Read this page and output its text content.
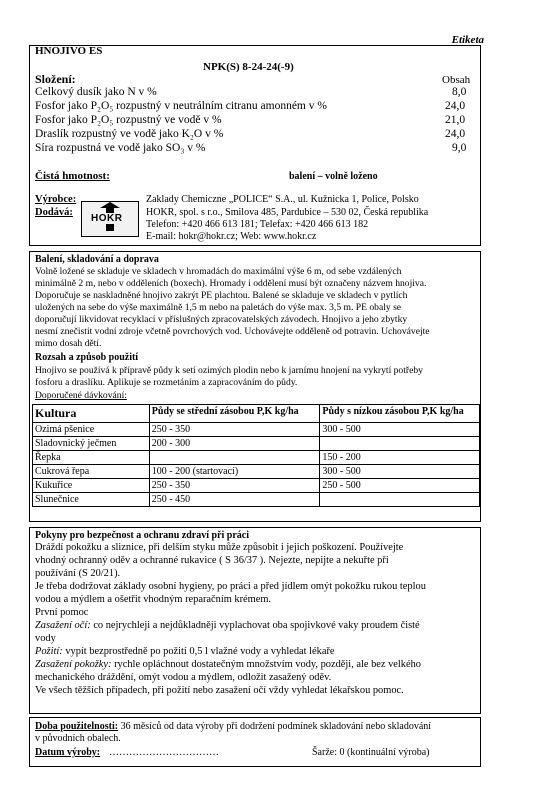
Etiketa
HNOJIVO ES
NPK(S) 8-24-24(-9)
Složení:	Obsah
Celkový dusík jako N v %	8,0
Fosfor jako P₂O₅ rozpustný v neutrálním citranu amonném v %	24,0
Fosfor jako P₂O₅ rozpustný ve vodě v %	21,0
Draslík rozpustný ve vodě jako K₂O v %	24,0
Síra rozpustná ve vodě jako SO₃ v %	9,0
Čistá hmotnost:	balení – volně loženo
Výrobce:	Zaklady Chemiczne „POLICE“ S.A., ul. Kužnicka 1, Police, Polsko
Dodává:
HOKR
HOKR, spol. s r.o., Smilova 485, Pardubice – 530 02, Česká republika
Telefon: +420 466 613 181; Telefax: +420 466 613 182
E-mail: hokr@hokr.cz; Web: www.hokr.cz
Balení, skladování a doprava
Volně ložené se skladuje ve skladech v hromadách do maximální výše 6 m, od sebe vzdálených
minimálně 2 m, nebo v odděleních (boxech). Hromady i oddělení musí být označeny názvem hnojiva.
Doporučuje se naskladněné hnojivo zakrýt PE plachtou. Balené se skladuje ve skladech v pytlích
uložených na sebe do výše maximálně 1,5 m nebo na paletách do výše max. 3,5 m. PE obaly se
doporučují likvidovat recyklací v příslušných zpracovatelských závodech. Hnojivo a jeho zbytky
nesmí znečistit vodní zdroje včetně povrchových vod. Uchovávejte odděleně od potravin. Uchovávejte
mimo dosah dětí.
Rozsah a způsob použití
Hnojivo se používá k přípravě půdy k setí ozimých plodin nebo k jarnímu hnojení na vykrytí potřeby
fosforu a draslíku. Aplikuje se rozmetáním a zapracováním do půdy.
Doporučené dávkování:
Kultura	Půdy se střední zásobou P,K kg/ha	Půdy s nízkou zásobou P,K kg/ha
Ozimá pšenice	250 - 350	300 - 500
Sladovnický ječmen	200 - 300	
Řepka		150 - 200
Cukrová řepa	100 - 200 (startovací)	300 - 500
Kukuřice	250 - 350	250 - 500
Slunečnice	250 - 450	
Pokyny pro bezpečnost a ochranu zdraví při práci
Dráždí pokožku a sliznice, při delším styku může způsobit i jejich poškození. Používejte
vhodný ochranný oděv a ochranné rukavice ( S 36/37 ). Nejezte, nepijte a nekuřte při
používání (S 20/21).
Je třeba dodržovat základy osobní hygieny, po práci a před jídlem omýt pokožku rukou teplou
vodou a mýdlem a ošetřit vhodným reparačním krémem.
První pomoc
Zasažení očí: co nejrychleji a nejdůkladněji vyplachovat oba spojivkové vaky proudem čisté
vody
Požití: vypít bezprostředně po požití 0,5 l vlažné vody a vyhledat lékaře
Zasažení pokožky: rychle opláchnout dostatečným množstvím vody, později, ale bez velkého
mechanického dráždění, omýt vodou a mýdlem, odložit zasažený oděv.
Ve všech těžších případech, při požití nebo zasažení očí vždy vyhledat lékařskou pomoc.
Doba použitelnosti: 36 měsíců od data výroby při dodržení podmínek skladování nebo skladování
v původních obalech.
Datum výroby: ……………………………	Šarže: 0 (kontinuální výroba)
